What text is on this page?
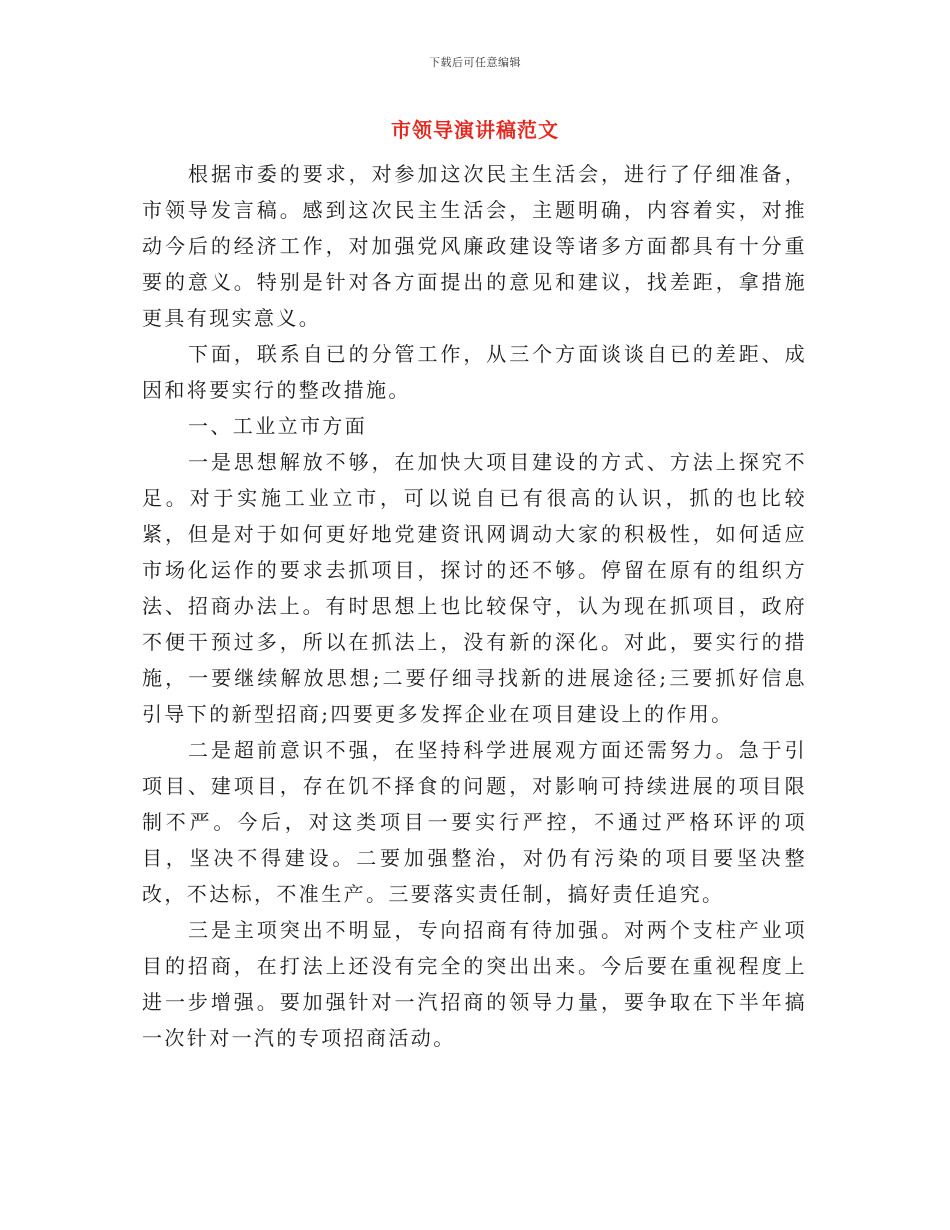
下载后可任意编辑
市领导演讲稿范文

根据市委的要求，对参加这次民主生活会，进行了仔细准备，市领导发言稿。感到这次民主生活会，主题明确，内容着实，对推动今后的经济工作，对加强党风廉政建设等诸多方面都具有十分重要的意义。特别是针对各方面提出的意见和建议，找差距，拿措施更具有现实意义。

下面，联系自已的分管工作，从三个方面谈谈自已的差距、成因和将要实行的整改措施。

一、工业立市方面

一是思想解放不够，在加快大项目建设的方式、方法上探究不足。对于实施工业立市，可以说自已有很高的认识，抓的也比较紧，但是对于如何更好地党建资讯网调动大家的积极性，如何适应市场化运作的要求去抓项目，探讨的还不够。停留在原有的组织方法、招商办法上。有时思想上也比较保守，认为现在抓项目，政府不便干预过多，所以在抓法上，没有新的深化。对此，要实行的措施，一要继续解放思想;二要仔细寻找新的进展途径;三要抓好信息引导下的新型招商;四要更多发挥企业在项目建设上的作用。

二是超前意识不强，在坚持科学进展观方面还需努力。急于引项目、建项目，存在饥不择食的问题，对影响可持续进展的项目限制不严。今后，对这类项目一要实行严控，不通过严格环评的项目，坚决不得建设。二要加强整治，对仍有污染的项目要坚决整改，不达标，不准生产。三要落实责任制，搞好责任追究。

三是主项突出不明显，专向招商有待加强。对两个支柱产业项目的招商，在打法上还没有完全的突出出来。今后要在重视程度上进一步增强。要加强针对一汽招商的领导力量，要争取在下半年搞一次针对一汽的专项招商活动。
